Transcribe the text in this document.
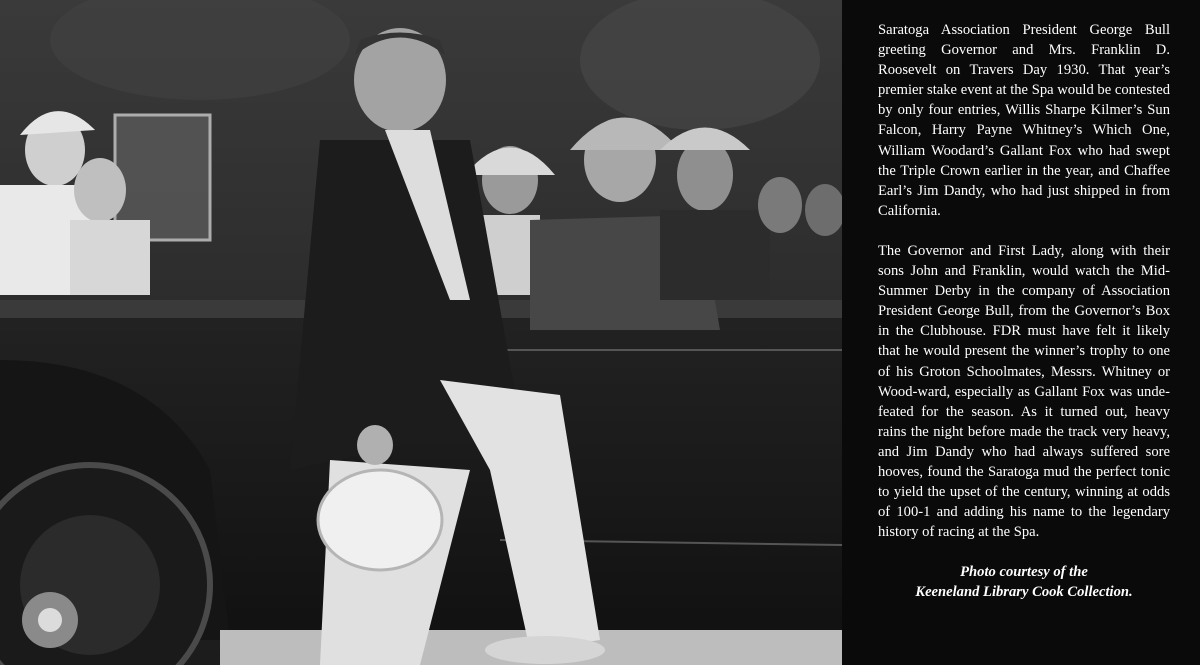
Saratoga Association President George Bull greeting Governor and Mrs. Franklin D. Roosevelt on Travers Day 1930. That year’s premier stake event at the Spa would be contested by only four entries, Willis Sharpe Kilmer’s Sun Falcon, Harry Payne Whitney’s Which One, William Woodard’s Gallant Fox who had swept the Triple Crown earlier in the year, and Chaffee Earl’s Jim Dandy, who had just shipped in from California.

The Governor and First Lady, along with their sons John and Franklin, would watch the Mid-Summer Derby in the company of Association President George Bull, from the Governor’s Box in the Clubhouse. FDR must have felt it likely that he would present the winner’s trophy to one of his Groton Schoolmates, Messrs. Whitney or Wood-ward, especially as Gallant Fox was unde-feated for the season. As it turned out, heavy rains the night before made the track very heavy, and Jim Dandy who had always suffered sore hooves, found the Saratoga mud the perfect tonic to yield the upset of the century, winning at odds of 100-1 and adding his name to the legendary history of racing at the Spa.

Photo courtesy of the
Keeneland Library Cook Collection.
